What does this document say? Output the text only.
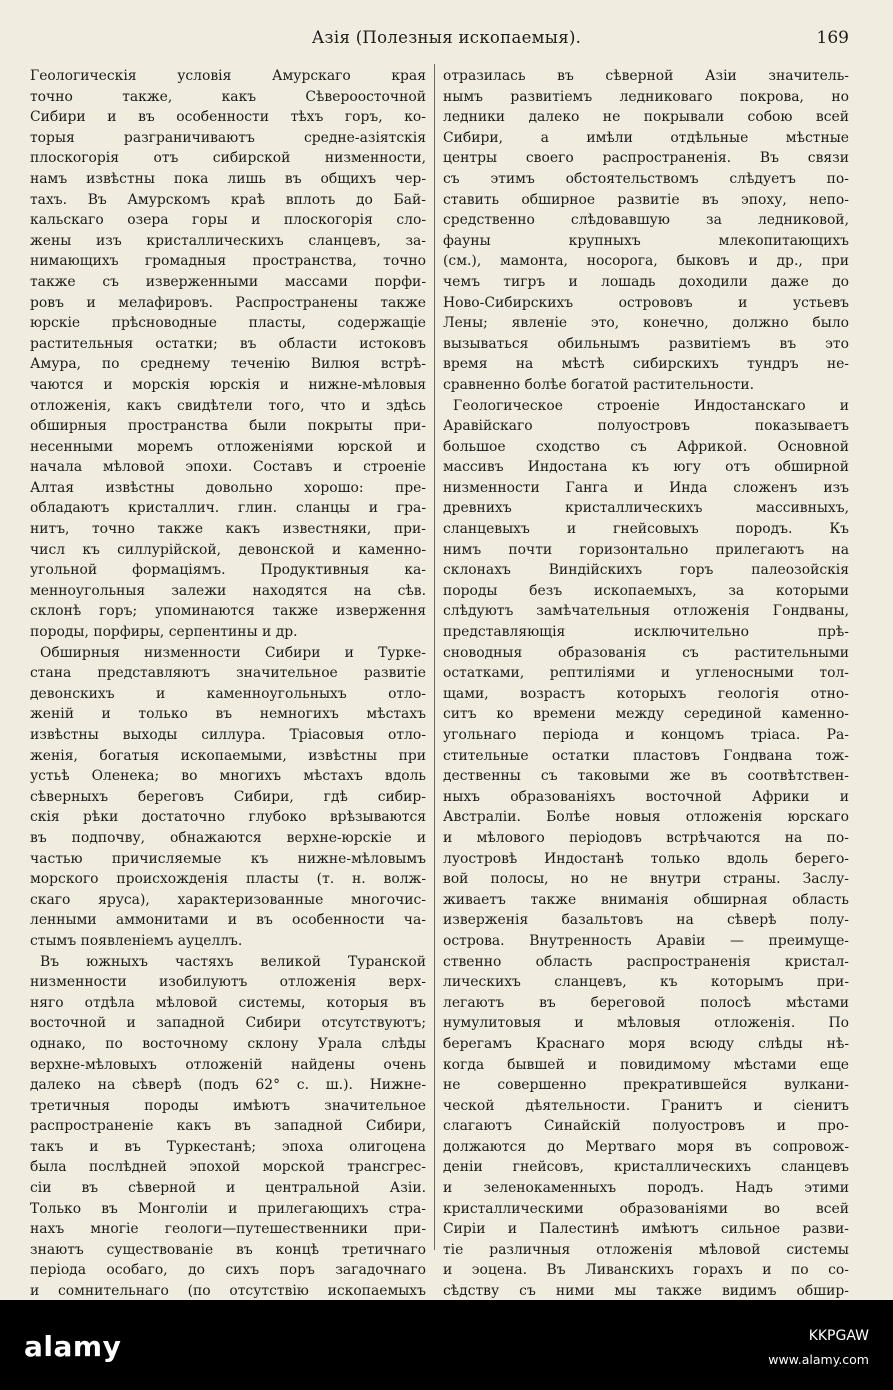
Азія (Полезныя ископаемыя).	169
Геологическія условія Амурскаго края
точно также, какъ Сѣвероосточной
Сибири и въ особенности тѣхъ горъ, ко-
торыя разграничиваютъ средне-азіятскія
плоскогорія отъ сибирской низменности,
намъ извѣстны пока лишь въ общихъ чер-
тахъ. Въ Амурскомъ краѣ вплоть до Бай-
кальскаго озера горы и плоскогорія сло-
жены изъ кристаллическихъ сланцевъ, за-
нимающихъ громадныя пространства, точно
также съ изверженными массами порфи-
ровъ и мелафировъ. Распространены также
юрскіе прѣсноводные пласты, содержащіе
растительныя остатки; въ области истоковъ
Амура, по среднему теченію Вилюя встрѣ-
чаются и морскія юрскія и нижне-мѣловыя
отложенія, какъ свидѣтели того, что и здѣсь
обширныя пространства были покрыты при-
несенными моремъ отложеніями юрской и
начала мѣловой эпохи. Составъ и строеніе
Алтая извѣстны довольно хорошо: пре-
обладаютъ кристаллич. глин. сланцы и гра-
нитъ, точно также какъ известняки, при-
числ къ силлурійской, девонской и каменно-
угольной формаціямъ. Продуктивныя ка-
менноугольныя залежи находятся на сѣв.
склонѣ горъ; упоминаются также изверження
породы, порфиры, серпентины и др.
Обширныя низменности Сибири и Турке-
стана представляютъ значительное развитіе
девонскихъ и каменноугольныхъ отло-
женій и только въ немногихъ мѣстахъ
извѣстны выходы силлура. Тріасовыя отло-
женія, богатыя ископаемыми, извѣстны при
устьѣ Оленека; во многихъ мѣстахъ вдоль
сѣверныхъ береговъ Сибири, гдѣ сибир-
скія рѣки достаточно глубоко врѣзываются
въ подпочву, обнажаются верхне-юрскіе и
частью причисляемые къ нижне-мѣловымъ
морского происхожденія пласты (т. н. волж-
скаго яруса), характеризованные многочис-
ленными аммонитами и въ особенности ча-
стымъ появленіемъ ауцеллъ.
Въ южныхъ частяхъ великой Туранской
низменности изобилуютъ отложенія верх-
няго отдѣла мѣловой системы, которыя въ
восточной и западной Сибири отсутствуютъ;
однако, по восточному склону Урала слѣды
верхне-мѣловыхъ отложеній найдены очень
далеко на сѣверѣ (подъ 62° с. ш.). Нижне-
третичныя породы имѣютъ значительное
распространеніе какъ въ западной Сибири,
такъ и въ Туркестанѣ; эпоха олигоцена
была послѣдней эпохой морской трансгрес-
сіи въ сѣверной и центральной Азіи.
Только въ Монголіи и прилегающихъ стра-
нахъ многіе геологи—путешественники при-
знаютъ существованіе въ концѣ третичнаго
періода особаго, до сихъ поръ загадочнаго
и сомнительнаго (по отсутствію ископаемыхъ
отразилась въ сѣверной Азіи значитель-
нымъ развитіемъ ледниковаго покрова, но
ледники далеко не покрывали собою всей
Сибири, а имѣли отдѣльные мѣстные
центры своего распространенія. Въ связи
съ этимъ обстоятельствомъ слѣдуетъ по-
ставить обширное развитіе въ эпоху, непо-
средственно слѣдовавшую за ледниковой,
фауны крупныхъ млекопитающихъ
(см.), мамонта, носорога, быковъ и др., при
чемъ тигръ и лошадь доходили даже до
Ново-Сибирскихъ острововъ и устьевъ
Лены; явленіе это, конечно, должно было
вызываться обильнымъ развитіемъ въ это
время на мѣстѣ сибирскихъ тундръ не-
сравненно болѣе богатой растительности.
Геологическое строеніе Индостанскаго и
Аравійскаго полуостровъ показываетъ
большое сходство съ Африкой. Основной
массивъ Индостана къ югу отъ обширной
низменности Ганга и Инда сложенъ изъ
древнихъ кристаллическихъ массивныхъ,
сланцевыхъ и гнейсовыхъ породъ. Къ
нимъ почти горизонтально прилегаютъ на
склонахъ Виндійскихъ горъ палеозойскія
породы безъ ископаемыхъ, за которыми
слѣдуютъ замѣчательныя отложенія Гондваны,
представляющія исключительно прѣ-
сноводныя образованія съ растительными
остатками, рептиліями и угленосными тол-
щами, возрастъ которыхъ геологія отно-
ситъ ко времени между серединой каменно-
угольнаго періода и концомъ тріаса. Ра-
стительные остатки пластовъ Гондвана тож-
дественны съ таковыми же въ соотвѣтствен-
ныхъ образованіяхъ восточной Африки и
Австраліи. Болѣе новыя отложенія юрскаго
и мѣлового періодовъ встрѣчаются на по-
луостровѣ Индостанѣ только вдоль берего-
вой полосы, но не внутри страны. Заслу-
живаетъ также вниманія обширная область
изверженія базальтовъ на сѣверѣ полу-
острова. Внутренность Аравіи — преимуще-
ственно область распространенія кристал-
лическихъ сланцевъ, къ которымъ при-
легаютъ въ береговой полосѣ мѣстами
нумулитовыя и мѣловыя отложенія. По
берегамъ Краснаго моря всюду слѣды нѣ-
когда бывшей и повидимому мѣстами еще
не совершенно прекратившейся вулкани-
ческой дѣятельности. Гранитъ и сіенитъ
слагаютъ Синайскій полуостровъ и про-
должаются до Мертваго моря въ сопровож-
деніи гнейсовъ, кристаллическихъ сланцевъ
и зеленокаменныхъ породъ. Надъ этими
кристаллическими образованіями во всей
Сиріи и Палестинѣ имѣютъ сильное разви-
тіе различныя отложенія мѣловой системы
и эоцена. Въ Ливанскихъ горахъ и по со-
сѣдству съ ними мы также видимъ обшир-
alamy	KKPGAW
www.alamy.com
